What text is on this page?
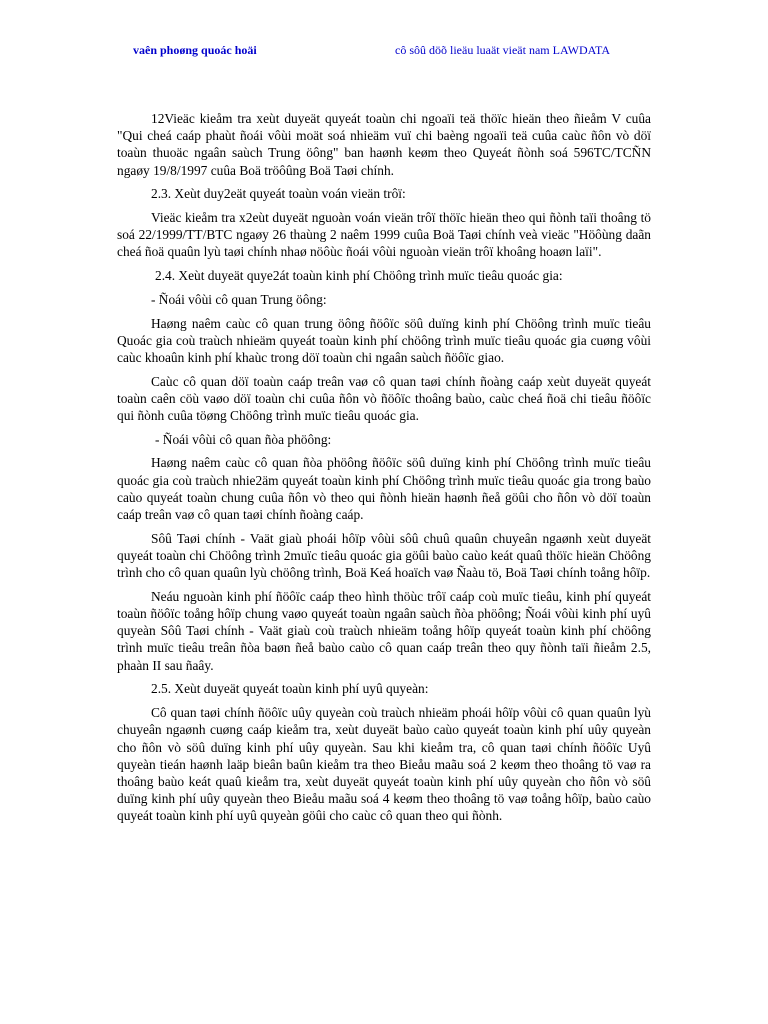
vaên phoøng quoác hoäi	cô sôû döõ lieäu luaät vieät nam LAWDATA

12Vieäc kieåm tra xeùt duyeät quyeát toaùn chi ngoaïi teä thöïc hieän theo ñieåm V cuûa "Qui cheá caáp phaùt ñoái vôùi moät soá nhieäm vuï chi baèng ngoaïi teä cuûa caùc ñôn vò döï toaùn thuoäc ngaân saùch Trung öông" ban haønh keøm theo Quyeát ñònh soá 596TC/TCÑN ngaøy 19/8/1997 cuûa Boä tröôûng Boä Taøi chính.

2.3. Xeùt duy2eät quyeát toaùn voán vieän trôï:

Vieäc kieåm tra x2eùt duyeät nguoàn voán vieän trôï thöïc hieän theo qui ñònh taïi thoâng tö soá 22/1999/TT/BTC ngaøy 26 thaùng 2 naêm 1999 cuûa Boä Taøi chính veà vieäc "Höôùng daãn cheá ñoä quaûn lyù taøi chính nhaø nöôùc ñoái vôùi nguoàn vieän trôï khoâng hoaøn laïi".

2.4. Xeùt duyeät quye2át toaùn kinh phí Chöông trình muïc tieâu quoác gia:

- Ñoái vôùi cô quan Trung öông:

Haøng naêm caùc cô quan trung öông ñöôïc söû duïng kinh phí Chöông trình muïc tieâu Quoác gia coù traùch nhieäm quyeát toaùn kinh phí chöông trình muïc tieâu quoác gia cuøng vôùi caùc khoaûn kinh phí khaùc trong döï toaùn chi ngaân saùch ñöôïc giao.

Caùc cô quan döï toaùn caáp treân vaø cô quan taøi chính ñoàng caáp xeùt duyeät quyeát toaùn caên cöù vaøo döï toaùn chi cuûa ñôn vò ñöôïc thoâng baùo, caùc cheá ñoä chi tieâu ñöôïc qui ñònh cuûa töøng Chöông trình muïc tieâu quoác gia.

- Ñoái vôùi cô quan ñòa phöông:

Haøng naêm caùc cô quan ñòa phöông ñöôïc söû duïng kinh phí Chöông trình muïc tieâu quoác gia coù traùch nhie2äm quyeát toaùn kinh phí Chöông trình muïc tieâu quoác gia trong baùo caùo quyeát toaùn chung cuûa ñôn vò theo qui ñònh hieän haønh ñeå göûi cho ñôn vò döï toaùn caáp treân vaø cô quan taøi chính ñoàng caáp.

Sôû Taøi chính - Vaät giaù phoái hôïp vôùi sôû chuû quaûn chuyeân ngaønh xeùt duyeät quyeát toaùn chi Chöông trình 2muïc tieâu quoác gia göûi baùo caùo keát quaû thöïc hieän Chöông trình cho cô quan quaûn lyù chöông trình, Boä Keá hoaïch vaø Ñaàu tö, Boä Taøi chính toång hôïp.

Neáu nguoàn kinh phí ñöôïc caáp theo hình thöùc trôï caáp coù muïc tieâu, kinh phí quyeát toaùn ñöôïc toång hôïp chung vaøo quyeát toaùn ngaân saùch ñòa phöông; Ñoái vôùi kinh phí uyû quyeàn Sôû Taøi chính - Vaät giaù coù traùch nhieäm toång hôïp quyeát toaùn kinh phí chöông trình muïc tieâu treân ñòa baøn ñeå baùo caùo cô quan caáp treân theo quy ñònh taïi ñieåm 2.5, phaàn II sau ñaây.

2.5. Xeùt duyeät quyeát toaùn kinh phí uyû quyeàn:

Cô quan taøi chính ñöôïc uûy quyeàn coù traùch nhieäm phoái hôïp vôùi cô quan quaûn lyù chuyeân ngaønh cuøng caáp kieåm tra, xeùt duyeät baùo caùo quyeát toaùn kinh phí uûy quyeàn cho ñôn vò söû duïng kinh phí uûy quyeàn. Sau khi kieåm tra, cô quan taøi chính ñöôïc Uyû quyeàn tieán haønh laäp bieân baûn kieåm tra theo Bieåu maãu soá 2 keøm theo thoâng tö vaø ra thoâng baùo keát quaû kieåm tra, xeùt duyeät quyeát toaùn kinh phí uûy quyeàn cho ñôn vò söû duïng kinh phí uûy quyeàn theo Bieåu maãu soá 4 keøm theo thoâng tö vaø toång hôïp, baùo caùo quyeát toaùn kinh phí uyû quyeàn göûi cho caùc cô quan theo qui ñònh.
